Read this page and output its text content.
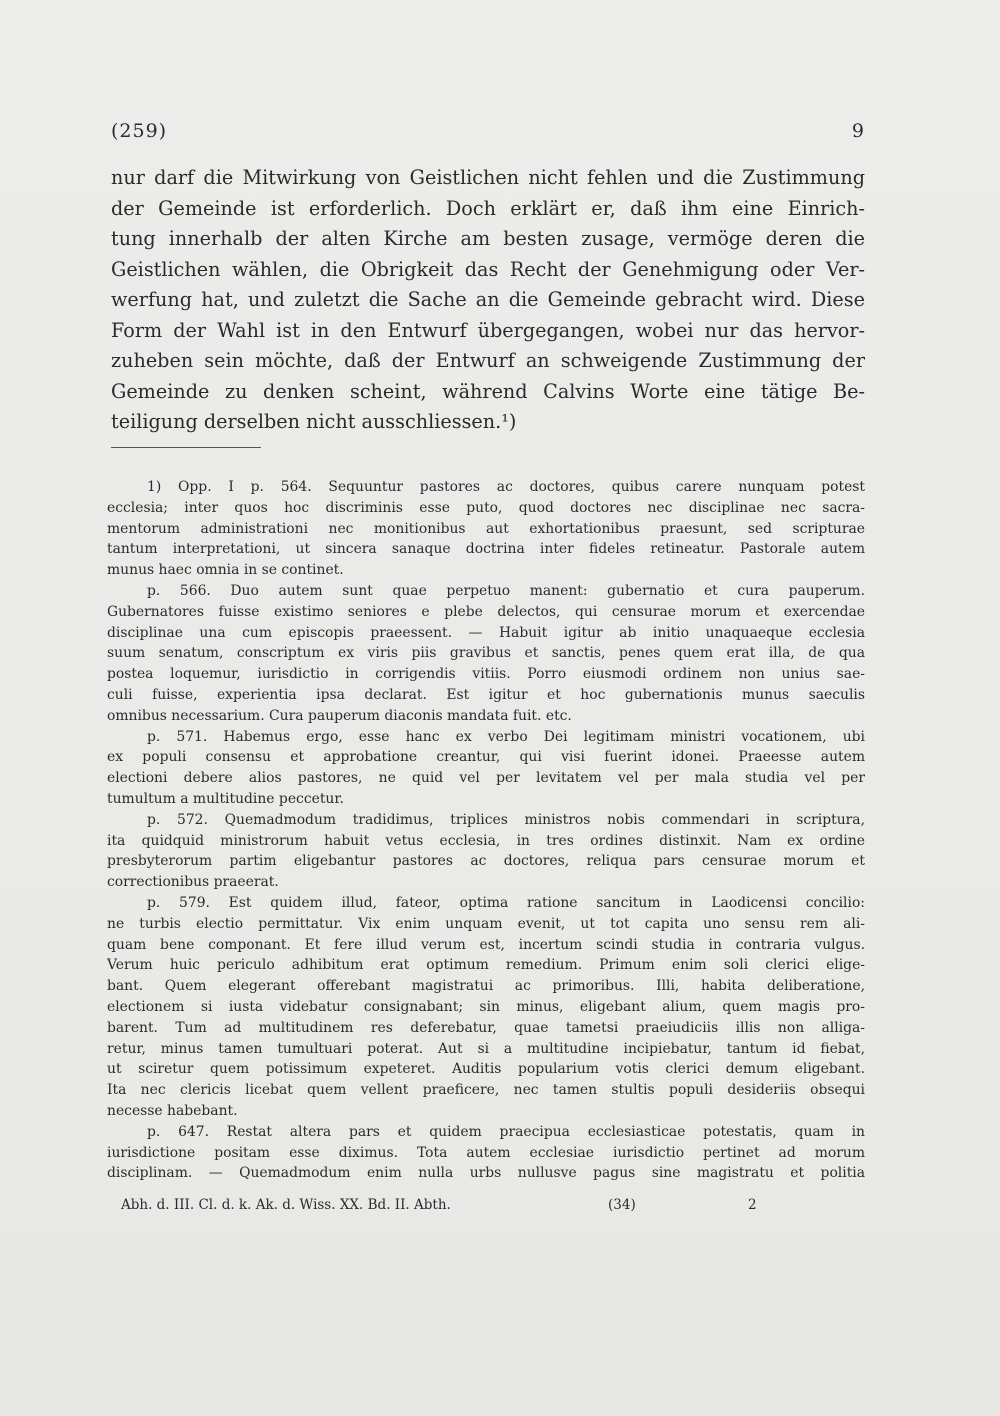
(259)	9
nur darf die Mitwirkung von Geistlichen nicht fehlen und die Zustimmung
der Gemeinde ist erforderlich. Doch erklärt er, daß ihm eine Einrich-
tung innerhalb der alten Kirche am besten zusage, vermöge deren die
Geistlichen wählen, die Obrigkeit das Recht der Genehmigung oder Ver-
werfung hat, und zuletzt die Sache an die Gemeinde gebracht wird. Diese
Form der Wahl ist in den Entwurf übergegangen, wobei nur das hervor-
zuheben sein möchte, daß der Entwurf an schweigende Zustimmung der
Gemeinde zu denken scheint, während Calvins Worte eine tätige Be-
teiligung derselben nicht ausschliessen.¹)
1) Opp. I p. 564. Sequuntur pastores ac doctores, quibus carere nunquam potest
ecclesia; inter quos hoc discriminis esse puto, quod doctores nec disciplinae nec sacra-
mentorum administrationi nec monitionibus aut exhortationibus praesunt, sed scripturae
tantum interpretationi, ut sincera sanaque doctrina inter fideles retineatur. Pastorale autem
munus haec omnia in se continet.
p. 566. Duo autem sunt quae perpetuo manent: gubernatio et cura pauperum.
Gubernatores fuisse existimo seniores e plebe delectos, qui censurae morum et exercendae
disciplinae una cum episcopis praeessent. — Habuit igitur ab initio unaquaeque ecclesia
suum senatum, conscriptum ex viris piis gravibus et sanctis, penes quem erat illa, de qua
postea loquemur, iurisdictio in corrigendis vitiis. Porro eiusmodi ordinem non unius sae-
culi fuisse, experientia ipsa declarat. Est igitur et hoc gubernationis munus saeculis
omnibus necessarium. Cura pauperum diaconis mandata fuit. etc.
p. 571. Habemus ergo, esse hanc ex verbo Dei legitimam ministri vocationem, ubi
ex populi consensu et approbatione creantur, qui visi fuerint idonei. Praeesse autem
electioni debere alios pastores, ne quid vel per levitatem vel per mala studia vel per
tumultum a multitudine peccetur.
p. 572. Quemadmodum tradidimus, triplices ministros nobis commendari in scriptura,
ita quidquid ministrorum habuit vetus ecclesia, in tres ordines distinxit. Nam ex ordine
presbyterorum partim eligebantur pastores ac doctores, reliqua pars censurae morum et
correctionibus praeerat.
p. 579. Est quidem illud, fateor, optima ratione sancitum in Laodicensi concilio:
ne turbis electio permittatur. Vix enim unquam evenit, ut tot capita uno sensu rem ali-
quam bene componant. Et fere illud verum est, incertum scindi studia in contraria vulgus.
Verum huic periculo adhibitum erat optimum remedium. Primum enim soli clerici elige-
bant. Quem elegerant offerebant magistratui ac primoribus. Illi, habita deliberatione,
electionem si iusta videbatur consignabant; sin minus, eligebant alium, quem magis pro-
barent. Tum ad multitudinem res deferebatur, quae tametsi praeiudiciis illis non alliga-
retur, minus tamen tumultuari poterat. Aut si a multitudine incipiebatur, tantum id fiebat,
ut sciretur quem potissimum expeteret. Auditis popularium votis clerici demum eligebant.
Ita nec clericis licebat quem vellent praeficere, nec tamen stultis populi desideriis obsequi
necesse habebant.
p. 647. Restat altera pars et quidem praecipua ecclesiasticae potestatis, quam in
iurisdictione positam esse diximus. Tota autem ecclesiae iurisdictio pertinet ad morum
disciplinam. — Quemadmodum enim nulla urbs nullusve pagus sine magistratu et politia
Abh. d. III. Cl. d. k. Ak. d. Wiss. XX. Bd. II. Abth.	(34)	2
